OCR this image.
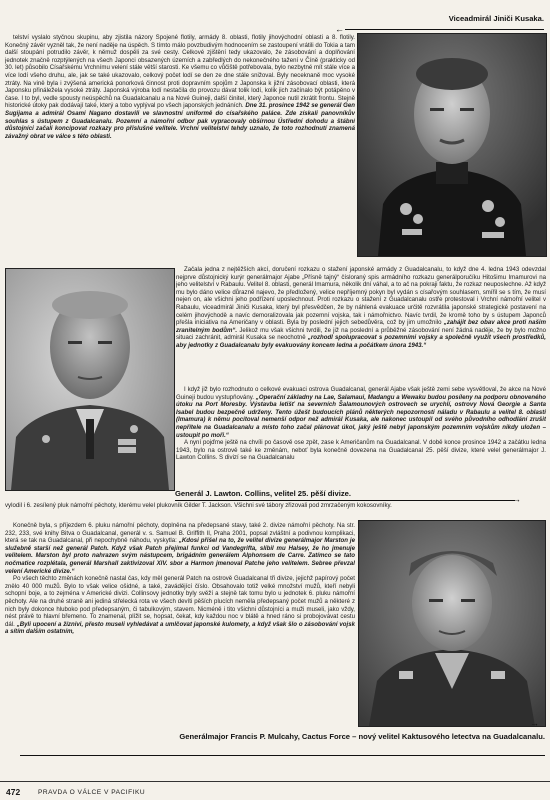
Viceadmirál Jiniči Kusaka.
←
Generál J. Lawton. Collins, velitel 25. pěší divize.
→
Generálmajor Francis P. Mulcahy, Cactus Force – nový velitel Kaktusového letectva na Guadalcanalu.
→

telství vyslalo styčnou skupinu, aby zjistila názory Spojené flotily, armády 8. oblasti, flotily jihovýchodní oblasti a 8. flotily. Konečný závěr vyzněl tak, že není naděje na úspěch. S tímto málo povzbudivým hodnocením se zastoupení vrátili do Tokia a tam další stoupání potrudilo závěr, k němuž dospěli za své cesty. Celkové zjištění tedy ukazovalo, že zásobování a doplňování jednotek značně rozptýlených na všech Japonci obsazených územích a zabředlých do nekonečného tažení v Číně (prakticky od 30. let) působilo Císařskému Vrchnímu velení stále větší starosti. Ke všemu co vůčiště potřebovala, bylo nezbytné mít stále více a více lodí všeho druhu, ale, jak se také ukazovalo, celkový počet lodí se den ze dne stále snižoval. Byly neceknaně moc vysoké ztráty. Na vině byla i zvýšená americká ponorková činnost proti dopravním spojům z Japonska k jižní zásobovací oblasti, která Japonsku přináležela vysoké ztráty. Japonská výroba lodí nestačila do provozu dávat tolik lodí, kolik jich začínalo být potápěno v čase. I to byl, vedle spousty neúspěchů na Guadalcanalu a na Nové Guineji, další činitel, který Japonce nutil zkrátit frontu. Stejně historické útoky pak dodávají také, který a tobo vyplýval po všech japonských jednáních. Dne 31. prosince 1942 se generál Gen Sugijama a admirál Osami Nagano dostavili ve slavnostní uniformě do císařského paláce. Zde získali panovníkův souhlas s ústupem z Guadalcanalu. Pozemní a námořní odbor pak vypracovaly obšírnou Ústřední dohodu a štábní důstojníci začali koncipovat rozkazy pro příslušné velitele. Vrchní velitelství tehdy uznalo, že toto rozhodnutí znamená závažný obrat ve válce s této oblasti.

Začala jedna z nejtěžších akcí, doručení rozkazu o stažení japonské armády z Guadalcanalu, to když dne 4. ledna 1943 odevzdal nejprve důstojnický kurýr generálmajor Ajabe „Přísně tajný“ čísloraný spis armádního rozkazu generálporučíku Hitošimu Imamurovi na jeho velitelství v Rabaulu. Velitel 8. oblasti, generál Imamura, několik dní váhal, a to ač na pokraji faktu, že rozkaz neuposlechne. Až když mu bylo dáno velice důrazně najevo, že předložený, velice nepříjemný pokyn byl vydán s císařovým souhlasem, smířil se s tím, že musí nejen on, ale všichni jeho podřízení uposlechnout. Proti rozkazu o stažení z Guadalcanalu ostře protestoval i Vrchní námořní velitel v Rabaulu, viceadmirál Jiniči Kusaka, který byl přesvědčen, že by náhlená evakuace určitě rozvrátila japonské strategické postavení na celém jihovýchodě a navíc demoralizovala jak pozemní vojska, tak i námořnictvo. Navíc tvrdil, že kromě toho by s ústupem Japonců přešla iniciativa na Američany v oblasti. Byla by poslední jejich sebedůvěra, což by jim umožnilo „zahájit bez obav akce proti našim zranitelným bodům“. Jelikož mu však všichni tvrdili, že již na poslední a průběžné zásobování není žádná naděje, že by bylo možno situaci zachránit, admirál Kusaka se neochotně „rozhodl spolupracovat s pozemními vojsky a společně využít všech prostředků, aby jednotky z Guadalcanalu byly evakuovány koncem ledna a počátkem února 1943.“

I když již bylo rozhodnuto o celkové evakuaci ostrova Guadalcanal, generál Ajabe však ještě zemi sebe vysvětloval, že akce na Nové Guineji budou vystupňovány. „Operační základny na Lae, Salamaui, Madangu a Wewaku budou posíleny na podporu obnoveného útoku na Port Moresby. Výstavba letišť na severních Šalamounových ostrovech se urychlí, ostrovy Nová Georgie a Santa Isabel budou bezpečně udrženy. Tento úžešt budoucích plánů některých nepozornosti náladu v Rabaulu a velitel 8. oblasti (Imamura) k němu pocítoval nemenší odpor než admirál Kusaka, ale nakonec ustoupil od svého původního odhodlání zrušit nepřítele na Guadalcanalu a místo toho začal plánovat úkol, jaký ještě nebyl japonským pozemním vojskům nikdy uložen – ustoupit po moři.“

A nyní pojďme ještě na chvíli po časově ose zpět, zase k Američanům na Guadalcanal. V době konce prosince 1942 a začátku ledna 1943, bylo na ostrově také ke změnám, neboť byla konečně dovezena na Guadalcanal 25. pěší divize, které velel generálmajor J. Lawton Collins. S divizí se na Guadalcanalu

vylodil i 6. zesílený pluk námořní pěchoty, kterému velel plukovník Gilder T. Jackson. Všichni své tábory zřizovali pod zmrzačeným kokosovníky.

Konečně byla, s příjezdem 6. pluku námořní pěchoty, doplněna na předepsané stavy, také 2. divize námořní pěchoty. Na str. 232, 233, své knihy Bitva o Guadalcanal, generál v. s. Samuel B. Griffith II, Praha 2001, popsal zvláštní a podivnou komplikaci, která se tak na Guadalcanal, při nepochybně náhodu, vyskytla: „Kdosi přišel na to, že velitel divize generálmajor Marston je služebně starší než generál Patch. Když však Patch přejímal funkci od Vandegrifta, slíbil mu Halsey, že ho jmenuje velitelem. Marston byl proto nahrazen svým nástupcem, brigádním generálem Alphonsem de Carre. Zatímco se tato nočmatice rozplétala, generál Marshall zaktivizoval XIV. sbor a Harmon jmenoval Patche jeho velitelem. Sebree převzal velení Americké divize.“

Po všech těchto změnách konečně nastal čas, kdy měl generál Patch na ostrově Guadalcanal tři divize, jejichž papírový počet znělo 40 000 mužů. Bylo to však velice ošidné, a také, zavádějící číslo. Obsahovalo totiž velké množství mužů, kteří nebyli schopní boje, a to zejména v Americké divizi. Collinsovy jednotky byly svěží a stejně tak tomu bylo u jednotek 6. pluku námořní pěchoty. Ale na druhé straně ani jediná střelecká rota ve všech devíti pěších plucích neměla předepsaný počet mužů a některé z nich byly dokonce hluboko pod předepsaným, či tabulkovým, stavem. Nicméně i tito všichni důstojníci a muži museli, jako vždy, nést právě to hlavní břemeno. To znamenal, plížit se, hopsat, čekat, kdy každou noc v blátě a hned ráno si probojovávat cestu dál. „Byli upocení a žíznivi, přesto museli vyhledávat a umlčovat japonské kulomety, a když však šlo o zásobování vojsk a sítím dalším ostatním,

472	PRAVDA O VÁLCE V PACIFIKU
